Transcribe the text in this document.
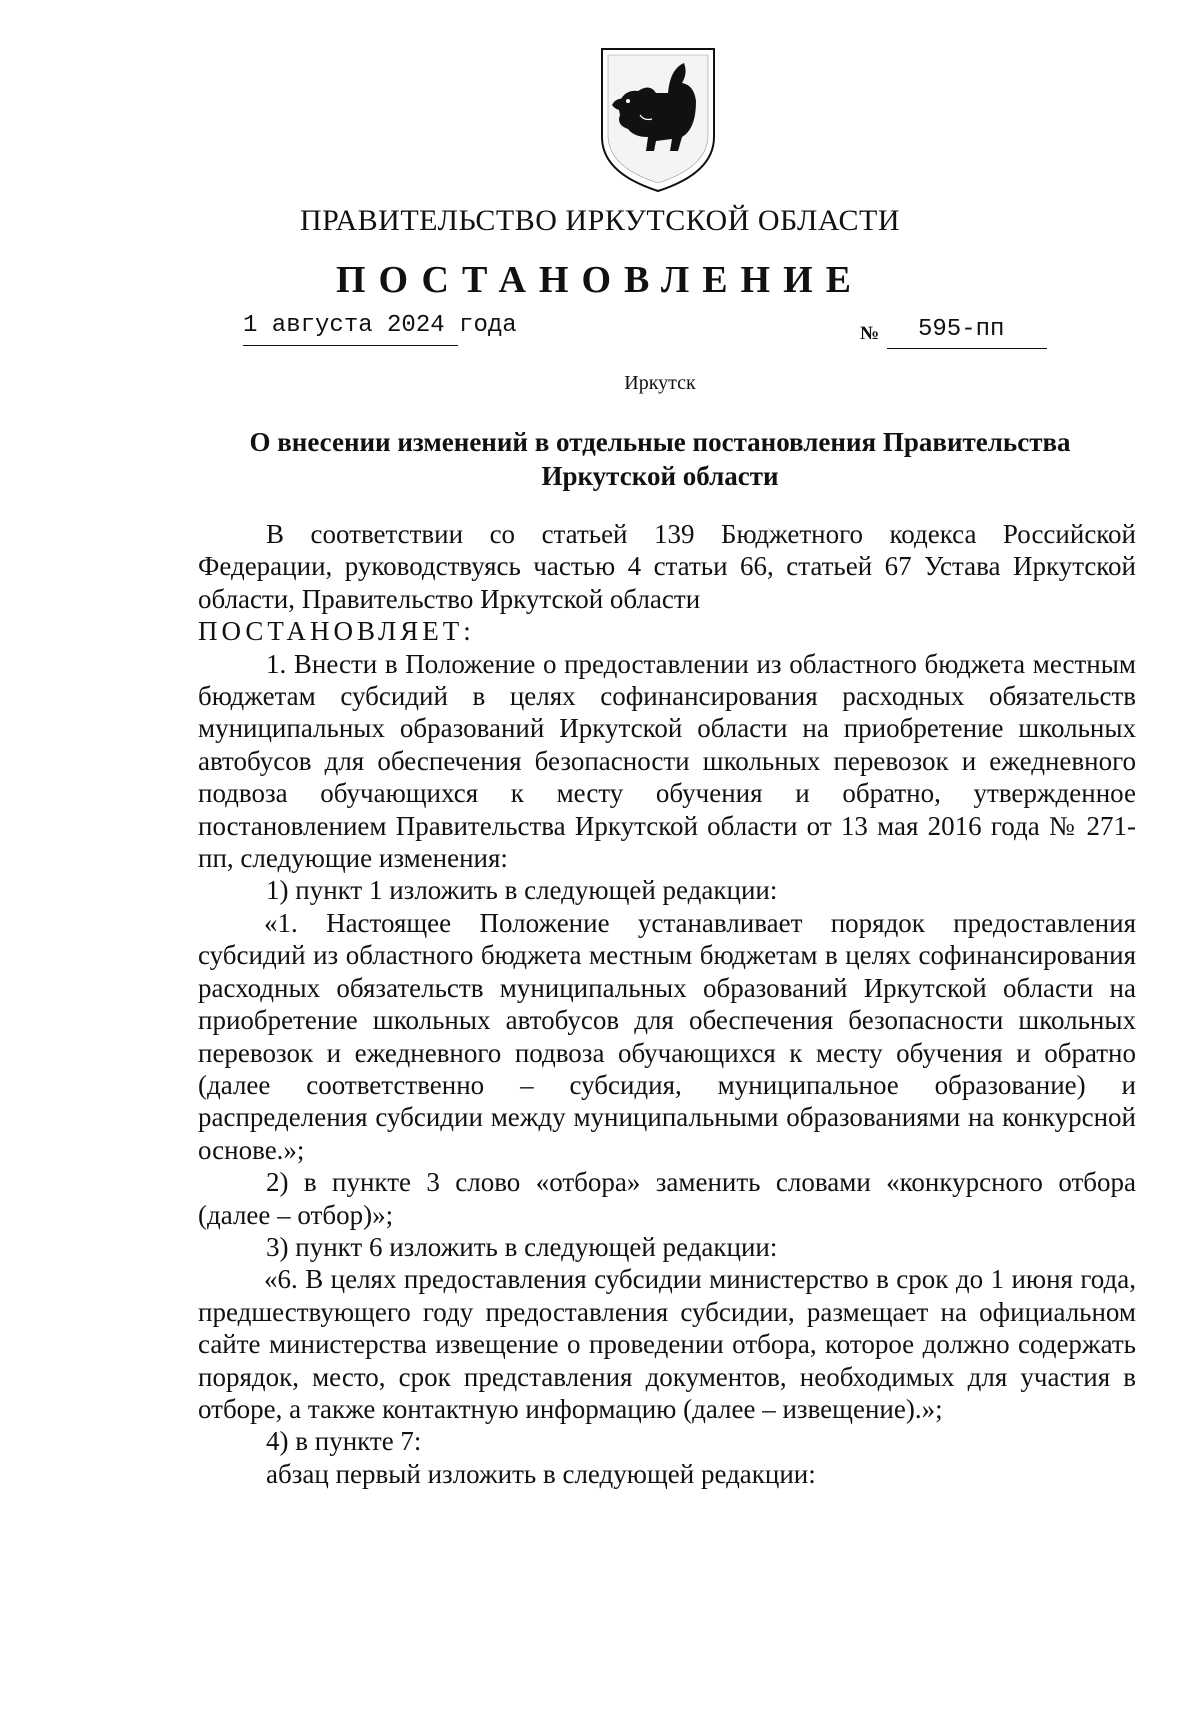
ПРАВИТЕЛЬСТВО ИРКУТСКОЙ ОБЛАСТИ
ПОСТАНОВЛЕНИЕ
1 августа 2024 года	№ 595-пп
Иркутск
О внесении изменений в отдельные постановления Правительства Иркутской области

В соответствии со статьей 139 Бюджетного кодекса Российской Федерации, руководствуясь частью 4 статьи 66, статьей 67 Устава Иркутской области, Правительство Иркутской области

ПОСТАНОВЛЯЕТ:

1. Внести в Положение о предоставлении из областного бюджета местным бюджетам субсидий в целях софинансирования расходных обязательств муниципальных образований Иркутской области на приобретение школьных автобусов для обеспечения безопасности школьных перевозок и ежедневного подвоза обучающихся к месту обучения и обратно, утвержденное постановлением Правительства Иркутской области от 13 мая 2016 года № 271-пп, следующие изменения:

1) пункт 1 изложить в следующей редакции:

«1. Настоящее Положение устанавливает порядок предоставления субсидий из областного бюджета местным бюджетам в целях софинансирования расходных обязательств муниципальных образований Иркутской области на приобретение школьных автобусов для обеспечения безопасности школьных перевозок и ежедневного подвоза обучающихся к месту обучения и обратно (далее соответственно – субсидия, муниципальное образование) и распределения субсидии между муниципальными образованиями на конкурсной основе.»;

2) в пункте 3 слово «отбора» заменить словами «конкурсного отбора (далее – отбор)»;

3) пункт 6 изложить в следующей редакции:

«6. В целях предоставления субсидии министерство в срок до 1 июня года, предшествующего году предоставления субсидии, размещает на официальном сайте министерства извещение о проведении отбора, которое должно содержать порядок, место, срок представления документов, необходимых для участия в отборе, а также контактную информацию (далее – извещение).»;

4) в пункте 7:

абзац первый изложить в следующей редакции:
